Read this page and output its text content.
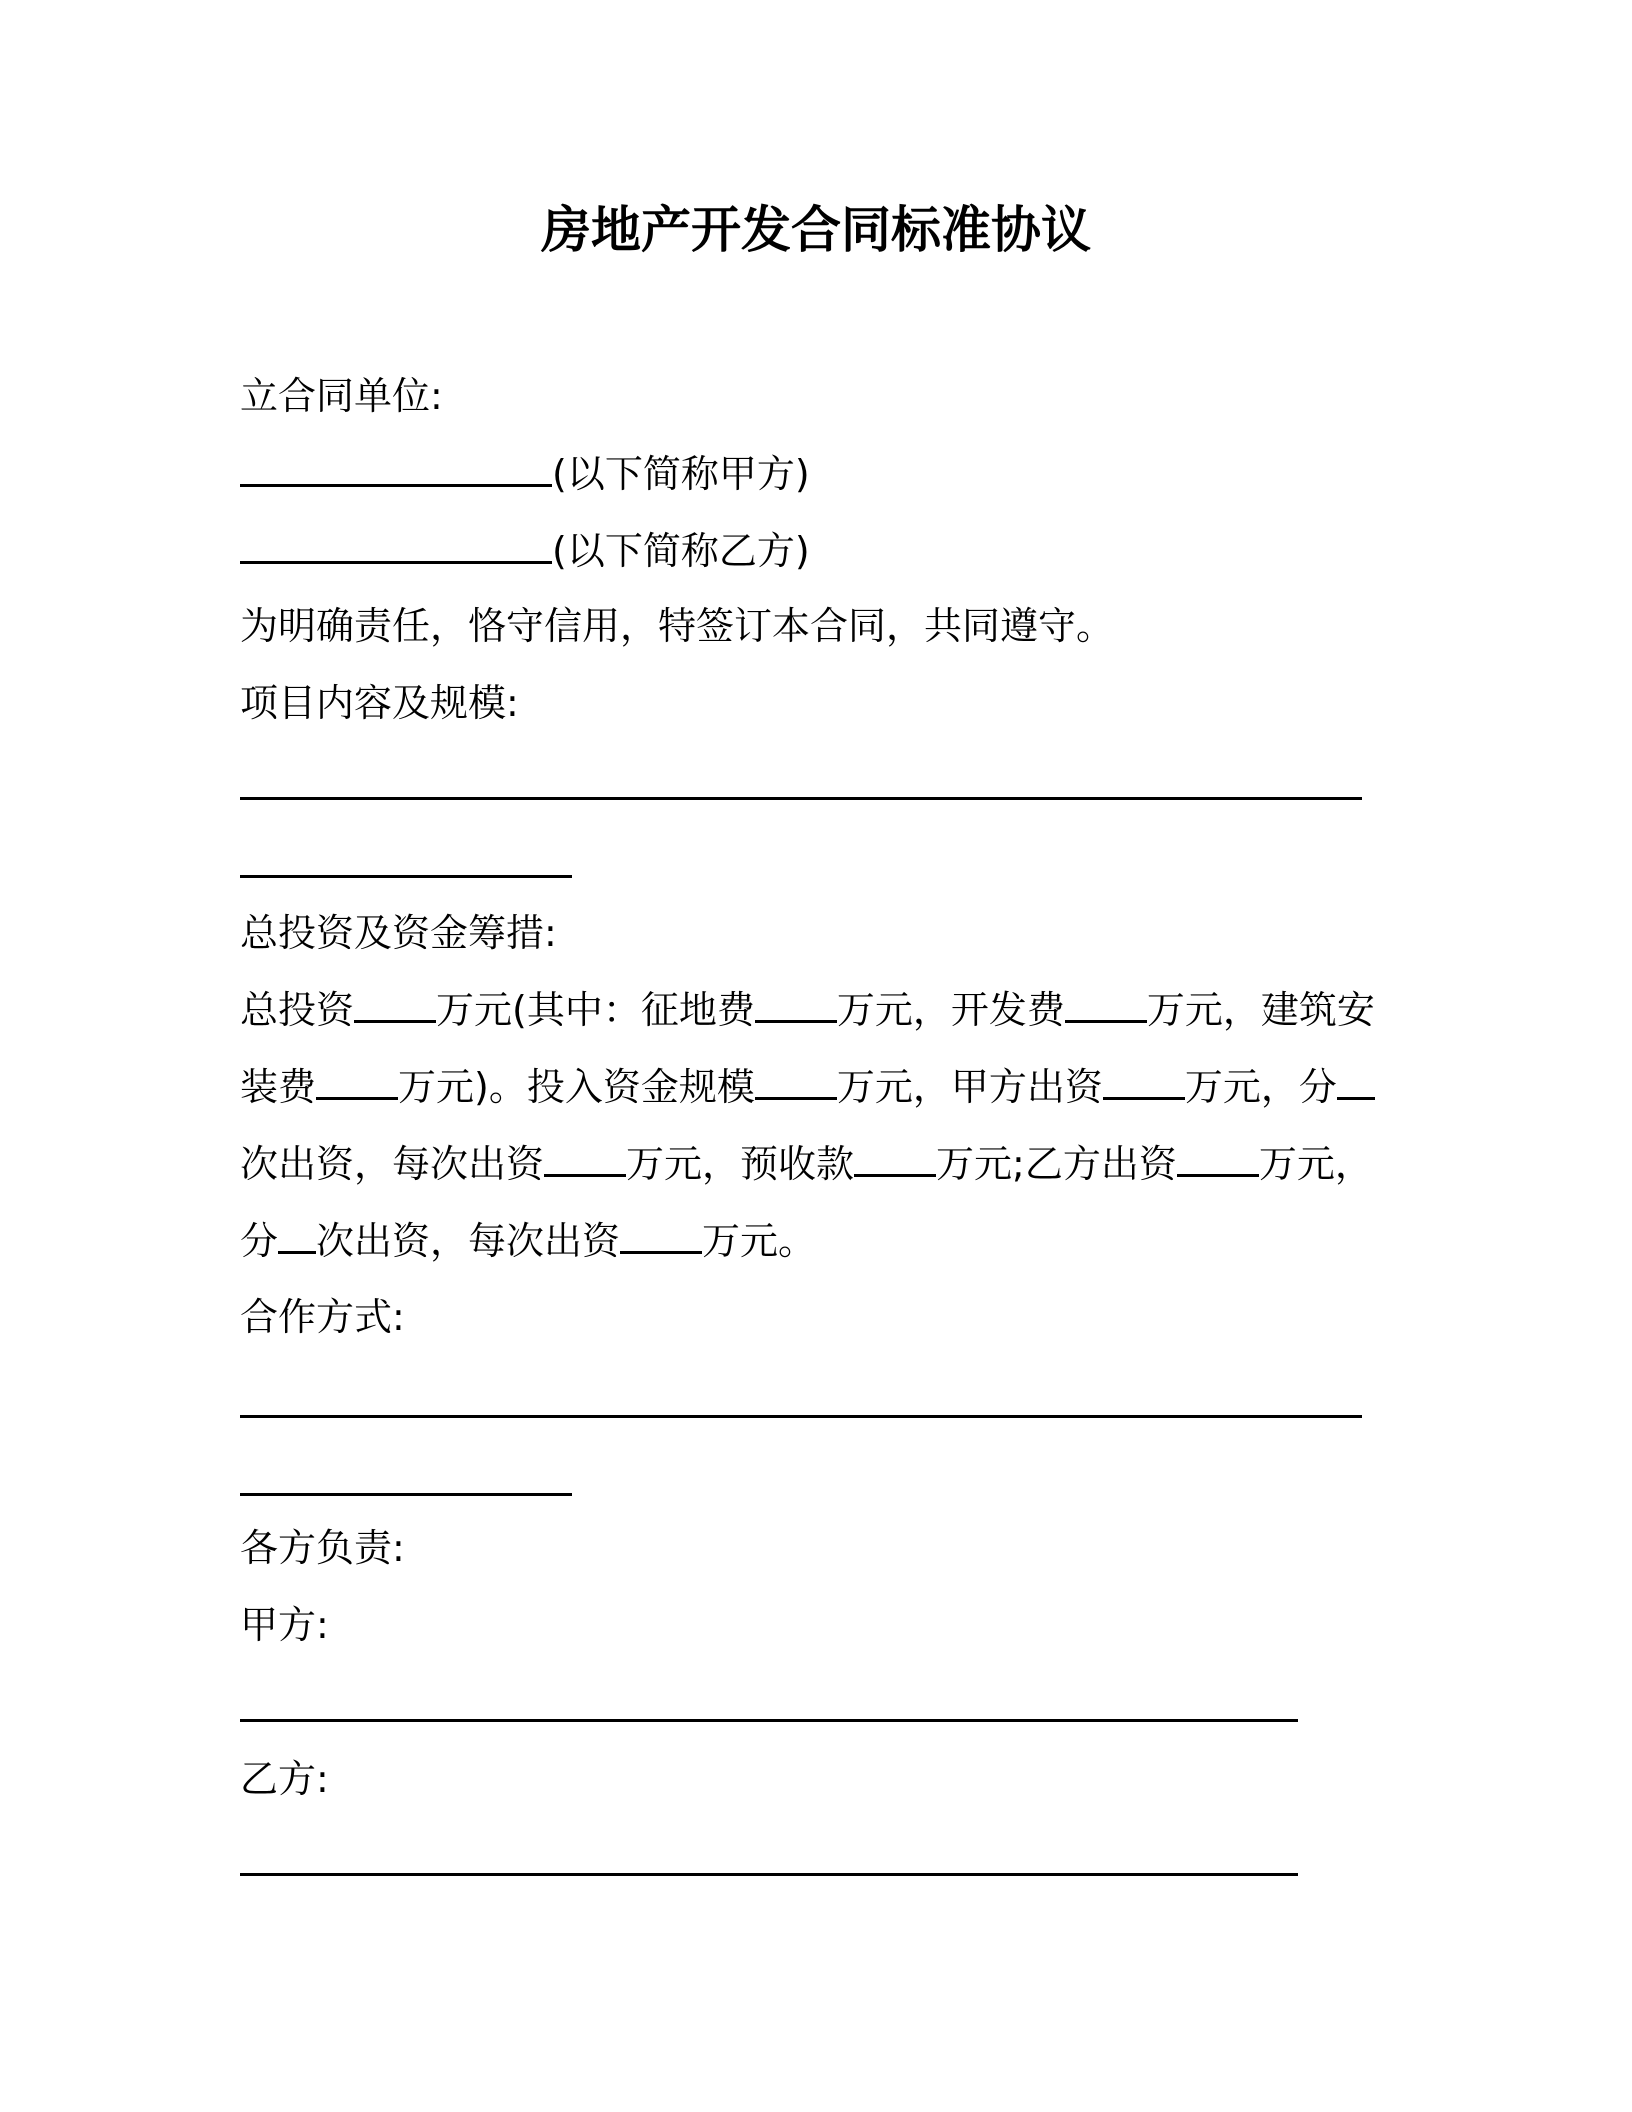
房地产开发合同标准协议
立合同单位:
(以下简称甲方)
(以下简称乙方)
为明确责任，恪守信用，特签订本合同，共同遵守。
项目内容及规模:
总投资及资金筹措:
总投资 万元(其中：征地费 万元，开发费 万元，建筑安
装费 万元)。投入资金规模 万元，甲方出资 万元，分
次出资，每次出资 万元，预收款 万元;乙方出资 万元，
分 次出资，每次出资 万元。
合作方式:
各方负责:
甲方:
乙方:
